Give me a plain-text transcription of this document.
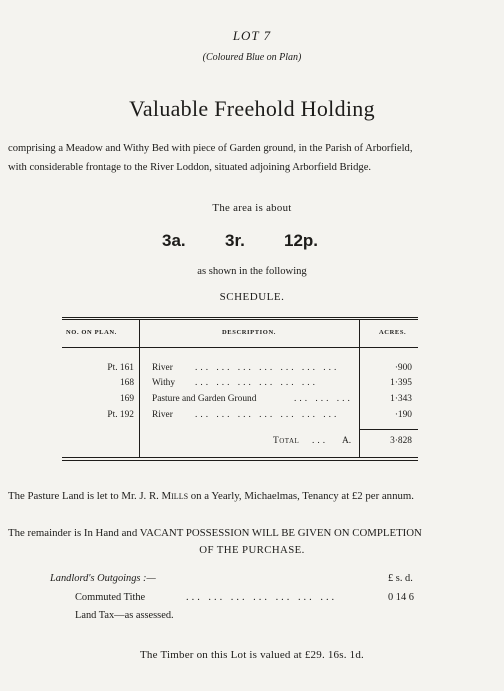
LOT 7
(Coloured Blue on Plan)
Valuable Freehold Holding
comprising a Meadow and Withy Bed with piece of Garden ground, in the Parish of Arborfield,
with considerable frontage to the River Loddon, situated adjoining Arborfield Bridge.
The area is about
3a. 3r. 12p.
as shown in the following
SCHEDULE.
NO. ON PLAN.	DESCRIPTION.	ACRES.
Pt. 161 River ... ... ... ... ... ... ...	·900
168 Withy ... ... ... ... ... ...	1·395
169 Pasture and Garden Ground	... ... ...	1·343
Pt. 192 River ... ... ... ... ... ... ...	·190
Total ... A.	3·828
The Pasture Land is let to Mr. J. R. Mills on a Yearly, Michaelmas, Tenancy at £2 per annum.
The remainder is In Hand and VACANT POSSESSION WILL BE GIVEN ON COMPLETION
OF THE PURCHASE.
Landlord's Outgoings :—	£ s. d.
Commuted Tithe	... ... ... ... ... ... ...	0 14 6
Land Tax—as assessed.
The Timber on this Lot is valued at £29. 16s. 1d.
